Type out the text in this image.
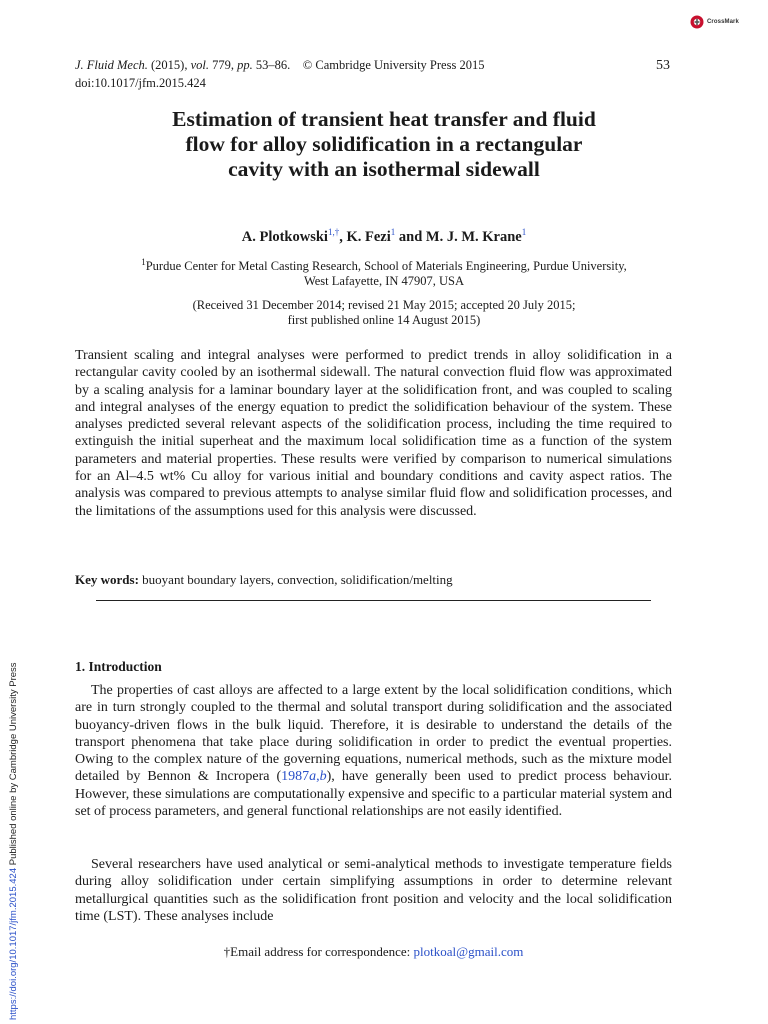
CrossMark
J. Fluid Mech. (2015), vol. 779, pp. 53–86. © Cambridge University Press 2015
doi:10.1017/jfm.2015.424
53
Estimation of transient heat transfer and fluid
flow for alloy solidification in a rectangular
cavity with an isothermal sidewall
A. Plotkowski$^{1,\dagger}$, K. Fezi$^1$ and M. J. M. Krane$^1$
$^1$Purdue Center for Metal Casting Research, School of Materials Engineering, Purdue University,
West Lafayette, IN 47907, USA
(Received 31 December 2014; revised 21 May 2015; accepted 20 July 2015;
first published online 14 August 2015)
Transient scaling and integral analyses were performed to predict trends in alloy solidification in a rectangular cavity cooled by an isothermal sidewall. The natural convection fluid flow was approximated by a scaling analysis for a laminar boundary layer at the solidification front, and was coupled to scaling and integral analyses of the energy equation to predict the solidification behaviour of the system. These analyses predicted several relevant aspects of the solidification process, including the time required to extinguish the initial superheat and the maximum local solidification time as a function of the system parameters and material properties. These results were verified by comparison to numerical simulations for an Al–4.5 wt% Cu alloy for various initial and boundary conditions and cavity aspect ratios. The analysis was compared to previous attempts to analyse similar fluid flow and solidification processes, and the limitations of the assumptions used for this analysis were discussed.
Key words: buoyant boundary layers, convection, solidification/melting
https://doi.org/10.1017/jfm.2015.424 Published online by Cambridge University Press	1. Introduction
The properties of cast alloys are affected to a large extent by the local solidification conditions, which are in turn strongly coupled to the thermal and solutal transport during solidification and the associated buoyancy-driven flows in the bulk liquid. Therefore, it is desirable to understand the details of the transport phenomena that take place during solidification in order to predict the eventual properties. Owing to the complex nature of the governing equations, numerical methods, such as the mixture model detailed by Bennon & Incropera (1987a,b), have generally been used to predict process behaviour. However, these simulations are computationally expensive and specific to a particular material system and set of process parameters, and general functional relationships are not easily identified.
Several researchers have used analytical or semi-analytical methods to investigate temperature fields during alloy solidification under certain simplifying assumptions in order to determine relevant metallurgical quantities such as the solidification front position and velocity and the local solidification time (LST). These analyses include
†Email address for correspondence: plotkoal@gmail.com
